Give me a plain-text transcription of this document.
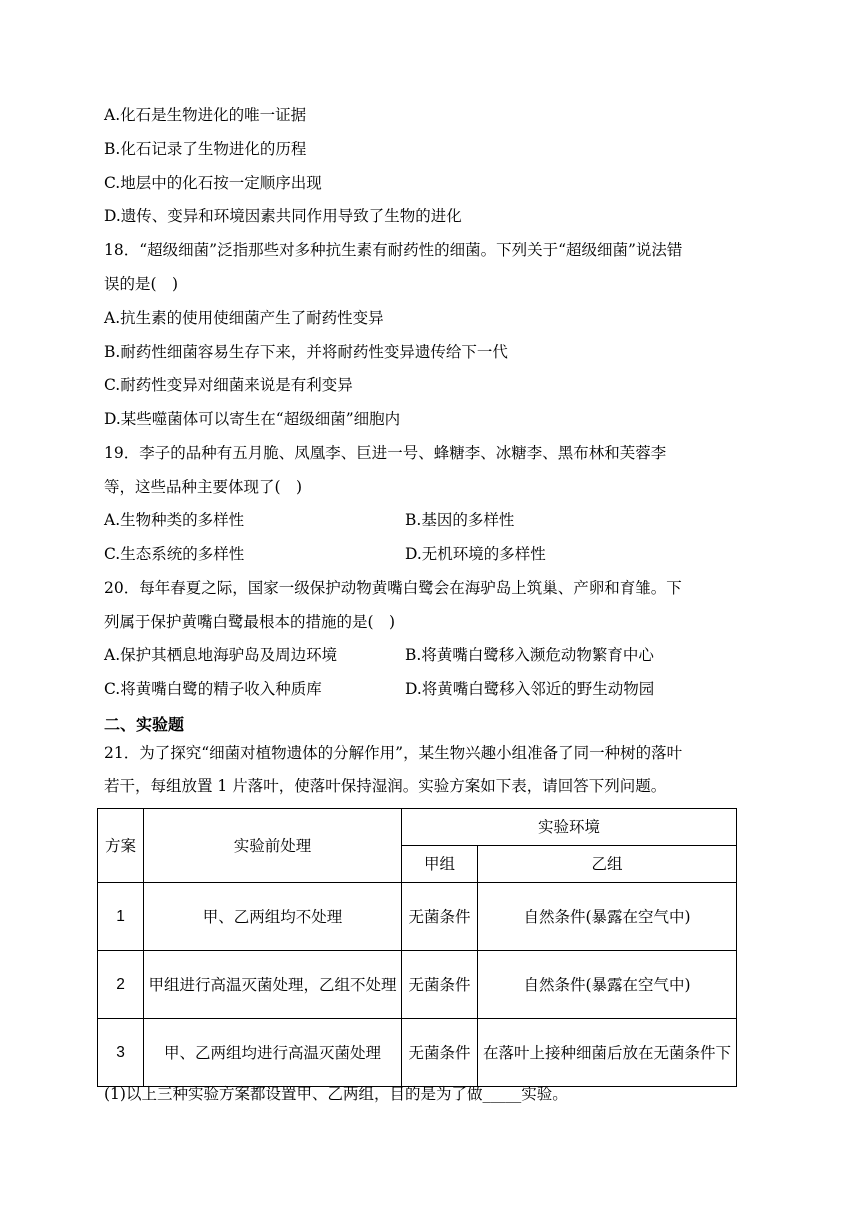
A.化石是生物进化的唯一证据
B.化石记录了生物进化的历程
C.地层中的化石按一定顺序出现
D.遗传、变异和环境因素共同作用导致了生物的进化
18．“超级细菌”泛指那些对多种抗生素有耐药性的细菌。下列关于“超级细菌”说法错
误的是(　)
A.抗生素的使用使细菌产生了耐药性变异
B.耐药性细菌容易生存下来，并将耐药性变异遗传给下一代
C.耐药性变异对细菌来说是有利变异
D.某些噬菌体可以寄生在“超级细菌”细胞内
19．李子的品种有五月脆、凤凰李、巨进一号、蜂糖李、冰糖李、黑布林和芙蓉李
等，这些品种主要体现了(　)
A.生物种类的多样性	B.基因的多样性
C.生态系统的多样性	D.无机环境的多样性
20．每年春夏之际，国家一级保护动物黄嘴白鹭会在海驴岛上筑巢、产卵和育雏。下
列属于保护黄嘴白鹭最根本的措施的是(　)
A.保护其栖息地海驴岛及周边环境	B.将黄嘴白鹭移入濒危动物繁育中心
C.将黄嘴白鹭的精子收入种质库	D.将黄嘴白鹭移入邻近的野生动物园
二、实验题
21．为了探究“细菌对植物遗体的分解作用”，某生物兴趣小组准备了同一种树的落叶
若干，每组放置 1 片落叶，使落叶保持湿润。实验方案如下表，请回答下列问题。
方案	实验前处理	实验环境	
		甲组	乙组
1	甲、乙两组均不处理	无菌条件	自然条件(暴露在空气中)
2	甲组进行高温灭菌处理，乙组不处理	无菌条件	自然条件(暴露在空气中)
3	甲、乙两组均进行高温灭菌处理	无菌条件	在落叶上接种细菌后放在无菌条件下
(1)以上三种实验方案都设置甲、乙两组，目的是为了做_____实验。
